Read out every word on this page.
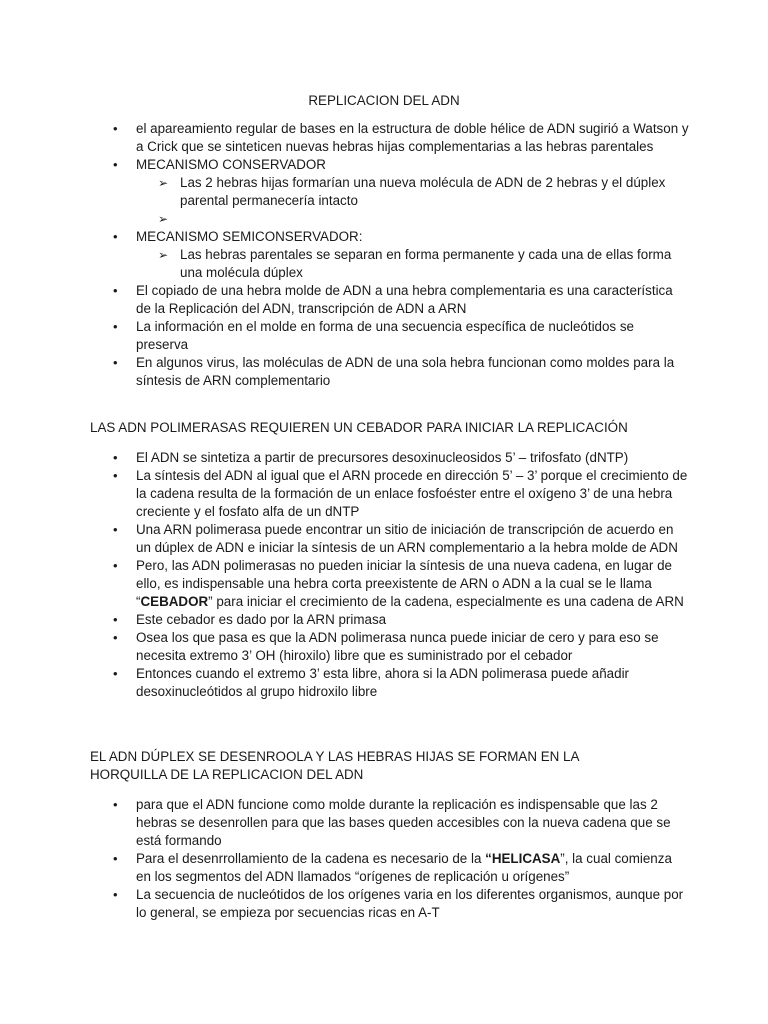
REPLICACION DEL ADN
• el apareamiento regular de bases en la estructura de doble hélice de ADN sugirió a Watson y a Crick que se sinteticen nuevas hebras hijas complementarias a las hebras parentales
• MECANISMO CONSERVADOR
➢ Las 2 hebras hijas formarían una nueva molécula de ADN de 2 hebras y el dúplex parental permanecería intacto
➢
• MECANISMO SEMICONSERVADOR:
➢ Las hebras parentales se separan en forma permanente y cada una de ellas forma una molécula dúplex
• El copiado de una hebra molde de ADN a una hebra complementaria es una característica de la Replicación del ADN, transcripción de ADN a ARN
• La información en el molde en forma de una secuencia específica de nucleótidos se preserva
• En algunos virus, las moléculas de ADN de una sola hebra funcionan como moldes para la síntesis de ARN complementario
LAS ADN POLIMERASAS REQUIEREN UN CEBADOR PARA INICIAR LA REPLICACIÓN
• El ADN se sintetiza a partir de precursores desoxinucleosidos 5’ – trifosfato (dNTP)
• La síntesis del ADN al igual que el ARN procede en dirección 5’ – 3’ porque el crecimiento de la cadena resulta de la formación de un enlace fosfoéster entre el oxígeno 3’ de una hebra creciente y el fosfato alfa de un dNTP
• Una ARN polimerasa puede encontrar un sitio de iniciación de transcripción de acuerdo en un dúplex de ADN e iniciar la síntesis de un ARN complementario a la hebra molde de ADN
• Pero, las ADN polimerasas no pueden iniciar la síntesis de una nueva cadena, en lugar de ello, es indispensable una hebra corta preexistente de ARN o ADN a la cual se le llama “CEBADOR” para iniciar el crecimiento de la cadena, especialmente es una cadena de ARN
• Este cebador es dado por la ARN primasa
• Osea los que pasa es que la ADN polimerasa nunca puede iniciar de cero y para eso se necesita extremo 3’ OH (hiroxilo) libre que es suministrado por el cebador
• Entonces cuando el extremo 3’ esta libre, ahora si la ADN polimerasa puede añadir desoxinucleótidos al grupo hidroxilo libre
EL ADN DÚPLEX SE DESENROOLA Y LAS HEBRAS HIJAS SE FORMAN EN LA HORQUILLA DE LA REPLICACION DEL ADN
• para que el ADN funcione como molde durante la replicación es indispensable que las 2 hebras se desenrollen para que las bases queden accesibles con la nueva cadena que se está formando
• Para el desenrrollamiento de la cadena es necesario de la “HELICASA”, la cual comienza en los segmentos del ADN llamados “orígenes de replicación u orígenes”
• La secuencia de nucleótidos de los orígenes varia en los diferentes organismos, aunque por lo general, se empieza por secuencias ricas en A-T
